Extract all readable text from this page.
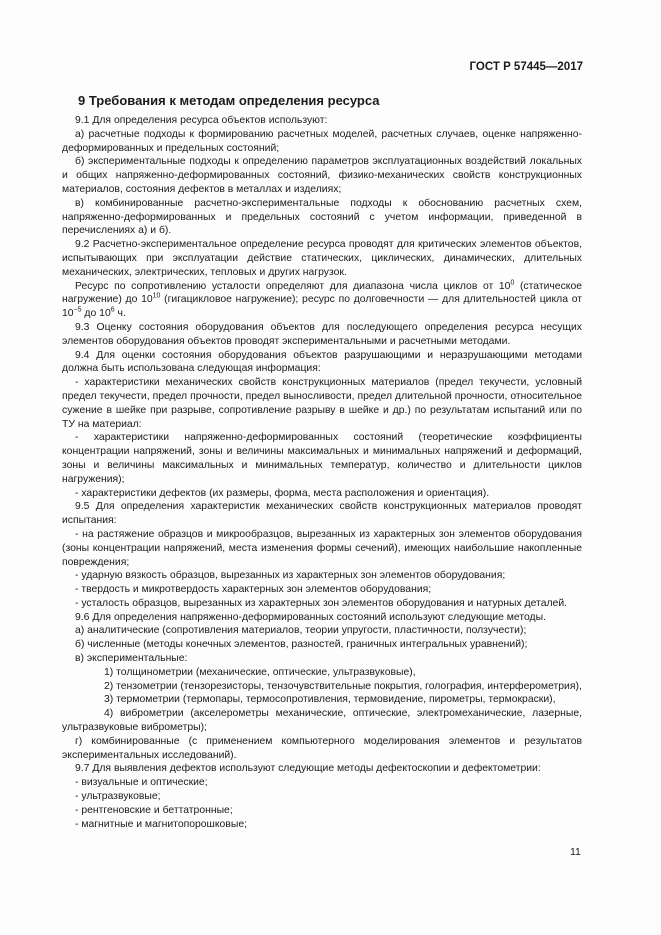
ГОСТ Р 57445—2017
9 Требования к методам определения ресурса

9.1 Для определения ресурса объектов используют:

а) расчетные подходы к формированию расчетных моделей, расчетных случаев, оценке напряженно-деформированных и предельных состояний;

б) экспериментальные подходы к определению параметров эксплуатационных воздействий локальных и общих напряженно-деформированных состояний, физико-механических свойств конструкционных материалов, состояния дефектов в металлах и изделиях;

в) комбинированные расчетно-экспериментальные подходы к обоснованию расчетных схем, напряженно-деформированных и предельных состояний с учетом информации, приведенной в перечислениях а) и б).

9.2 Расчетно-экспериментальное определение ресурса проводят для критических элементов объектов, испытывающих при эксплуатации действие статических, циклических, динамических, длительных механических, электрических, тепловых и других нагрузок.

Ресурс по сопротивлению усталости определяют для диапазона числа циклов от $10^0$ (статическое нагружение) до $10^{10}$ (гигацикловое нагружение); ресурс по долговечности — для длительностей цикла от $10^{-5}$ до $10^6$ ч.

9.3 Оценку состояния оборудования объектов для последующего определения ресурса несущих элементов оборудования объектов проводят экспериментальными и расчетными методами.

9.4 Для оценки состояния оборудования объектов разрушающими и неразрушающими методами должна быть использована следующая информация:

- характеристики механических свойств конструкционных материалов (предел текучести, условный предел текучести, предел прочности, предел выносливости, предел длительной прочности, относительное сужение в шейке при разрыве, сопротивление разрыву в шейке и др.) по результатам испытаний или по ТУ на материал:

- характеристики напряженно-деформированных состояний (теоретические коэффициенты концентрации напряжений, зоны и величины максимальных и минимальных напряжений и деформаций, зоны и величины максимальных и минимальных температур, количество и длительности циклов нагружения);

- характеристики дефектов (их размеры, форма, места расположения и ориентация).

9.5 Для определения характеристик механических свойств конструкционных материалов проводят испытания:

- на растяжение образцов и микрообразцов, вырезанных из характерных зон элементов оборудования (зоны концентрации напряжений, места изменения формы сечений), имеющих наибольшие накопленные повреждения;

- ударную вязкость образцов, вырезанных из характерных зон элементов оборудования;

- твердость и микротвердость характерных зон элементов оборудования;

- усталость образцов, вырезанных из характерных зон элементов оборудования и натурных деталей.

9.6 Для определения напряженно-деформированных состояний используют следующие методы.

а) аналитические (сопротивления материалов, теории упругости, пластичности, ползучести);

б) численные (методы конечных элементов, разностей, граничных интегральных уравнений);

в) экспериментальные:

1) толщинометрии (механические, оптические, ультразвуковые),

2) тензометрии (тензорезисторы, тензочувствительные покрытия, голография, интерферометрия),

3) термометрии (термопары, термосопротивления, термовидение, пирометры, термокраски),

4) виброметрии (акселерометры механические, оптические, электромеханические, лазерные, ультразвуковые виброметры);

г) комбинированные (с применением компьютерного моделирования элементов и результатов экспериментальных исследований).

9.7 Для выявления дефектов используют следующие методы дефектоскопии и дефектометрии:

- визуальные и оптические;

- ультразвуковые;

- рентгеновские и беттатронные;

- магнитные и магнитопорошковые;

11
